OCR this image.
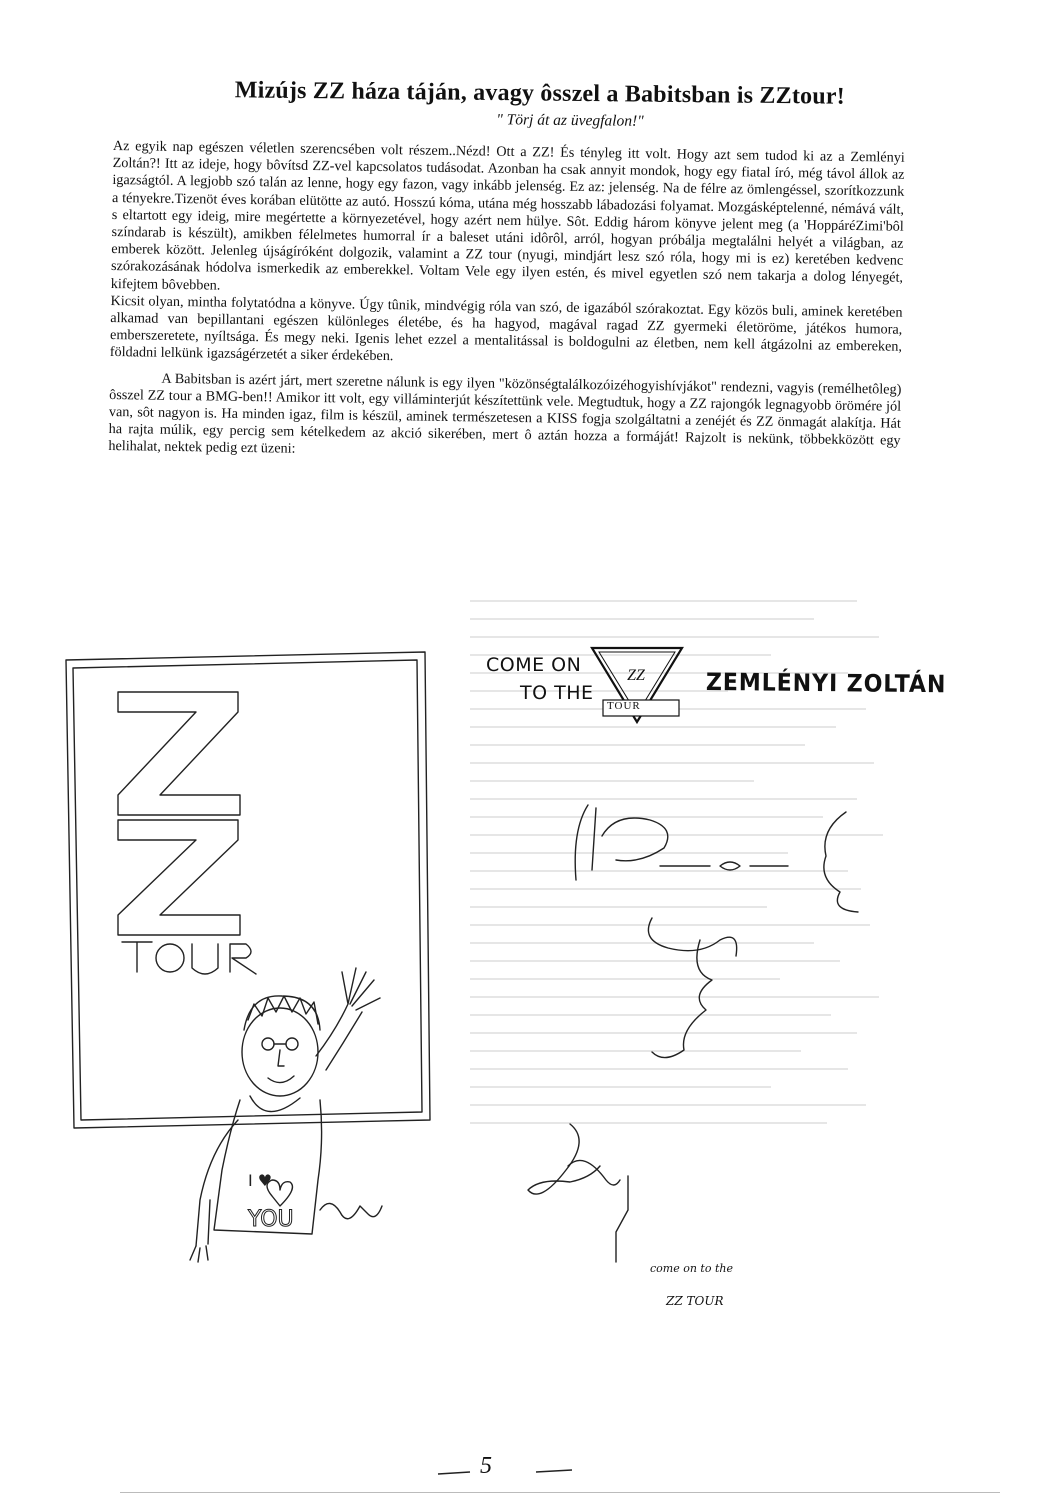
Mizújs ZZ háza táján, avagy ôsszel a Babitsban is ZZtour!
" Törj át az üvegfalon!"

Az egyik nap egészen véletlen szerencsében volt részem..Nézd! Ott a ZZ! És tényleg itt volt. Hogy azt sem tudod ki az a Zemlényi Zoltán?! Itt az ideje, hogy bôvítsd ZZ-vel kapcsolatos tudásodat. Azonban ha csak annyit mondok, hogy egy fiatal író, még távol állok az igazságtól. A legjobb szó talán az lenne, hogy egy fazon, vagy inkább jelenség. Ez az: jelenség. Na de félre az ömlengéssel, szorítkozzunk a tényekre.Tizenöt éves korában elütötte az autó. Hosszú kóma, utána még hosszabb lábadozási folyamat. Mozgásképtelenné, némává vált, s eltartott egy ideig, mire megértette a környezetével, hogy azért nem hülye. Sôt. Eddig három könyve jelent meg (a 'HoppáréZimi'bôl színdarab is készült), amikben félelmetes humorral ír a baleset utáni idôrôl, arról, hogyan próbálja megtalálni helyét a világban, az emberek között. Jelenleg újságíróként dolgozik, valamint a ZZ tour (nyugi, mindjárt lesz szó róla, hogy mi is ez) keretében kedvenc szórakozásának hódolva ismerkedik az emberekkel. Voltam Vele egy ilyen estén, és mivel egyetlen szó nem takarja a dolog lényegét, kifejtem bôvebben.

Kicsit olyan, mintha folytatódna a könyve. Úgy tûnik, mindvégig róla van szó, de igazából szórakoztat. Egy közös buli, aminek keretében alkamad van bepillantani egészen különleges életébe, és ha hagyod, magával ragad ZZ gyermeki életöröme, játékos humora, emberszeretete, nyíltsága. És megy neki. Igenis lehet ezzel a mentalitással is boldogulni az életben, nem kell átgázolni az embereken, földadni lelkünk igazságérzetét a siker érdekében.

A Babitsban is azért járt, mert szeretne nálunk is egy ilyen "közönségtalálkozóizéhogyishívjákot" rendezni, vagyis (remélhetôleg) ôsszel ZZ tour a BMG-ben!! Amikor itt volt, egy villáminterjút készítettünk vele. Megtudtuk, hogy a ZZ rajongók legnagyobb örömére jól van, sôt nagyon is. Ha minden igaz, film is készül, aminek természetesen a KISS fogja szolgáltatni a zenéjét és ZZ önmagát alakítja. Hát ha rajta múlik, egy percig sem kételkedem az akció sikerében, mert ô aztán hozza a formáját! Rajzolt is nekünk, többekközött egy helihalat, nektek pedig ezt üzeni:

ZZ
COME ON
TO THE
TOUR
ZEMLÉNYI ZOLTÁN
ZZ
TOUR
I ♥
YOU
come on to the
ZZ TOUR
5
